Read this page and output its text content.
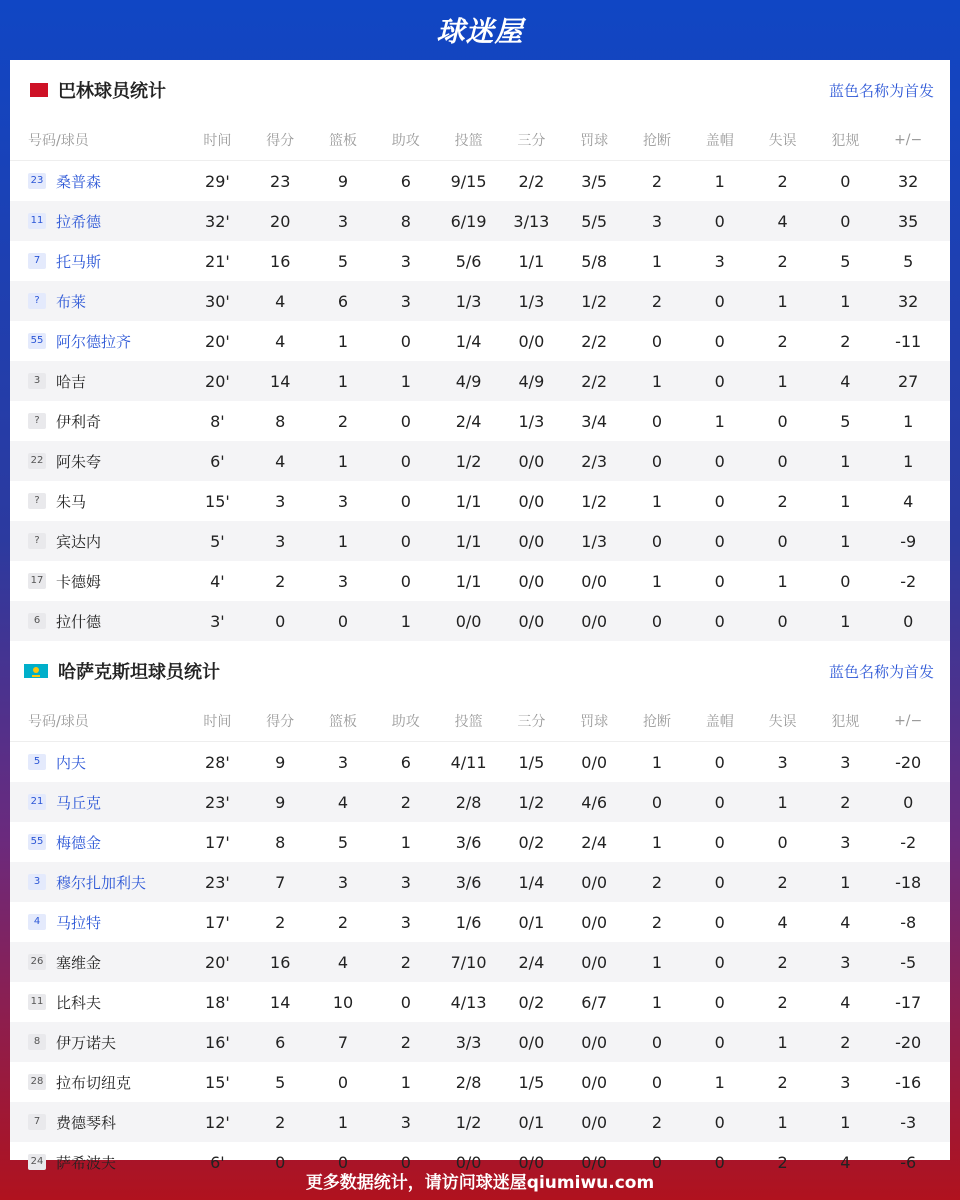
球迷屋
巴林球员统计	蓝色名称为首发
号码/球员	时间	得分	篮板	助攻	投篮	三分	罚球	抢断	盖帽	失误	犯规	+/−
23 桑普森	29'	23	9	6	9/15	2/2	3/5	2	1	2	0	32
11 拉希德	32'	20	3	8	6/19	3/13	5/5	3	0	4	0	35
7	托马斯	21'	16	5	3	5/6	1/1	5/8	1	3	2	5	5
?	布莱	30'	4	6	3	1/3	1/3	1/2	2	0	1	1	32
55 阿尔德拉齐	20'	4	1	0	1/4	0/0	2/2	0	0	2	2	-11
3	哈吉	20'	14	1	1	4/9	4/9	2/2	1	0	1	4	27
?	伊利奇	8'	8	2	0	2/4	1/3	3/4	0	1	0	5	1
22 阿朱夸	6'	4	1	0	1/2	0/0	2/3	0	0	0	1	1
?	朱马	15'	3	3	0	1/1	0/0	1/2	1	0	2	1	4
?	宾达内	5'	3	1	0	1/1	0/0	1/3	0	0	0	1	-9
17 卡德姆	4'	2	3	0	1/1	0/0	0/0	1	0	1	0	-2
6	拉什德	3'	0	0	1	0/0	0/0	0/0	0	0	0	1	0
哈萨克斯坦球员统计	蓝色名称为首发
号码/球员	时间	得分	篮板	助攻	投篮	三分	罚球	抢断	盖帽	失误	犯规	+/−
5	内夫	28'	9	3	6	4/11	1/5	0/0	1	0	3	3	-20
21 马丘克	23'	9	4	2	2/8	1/2	4/6	0	0	1	2	0
55 梅德金	17'	8	5	1	3/6	0/2	2/4	1	0	0	3	-2
3	穆尔扎加利夫	23'	7	3	3	3/6	1/4	0/0	2	0	2	1	-18
4	马拉特	17'	2	2	3	1/6	0/1	0/0	2	0	4	4	-8
26 塞维金	20'	16	4	2	7/10	2/4	0/0	1	0	2	3	-5
11 比科夫	18'	14	10	0	4/13	0/2	6/7	1	0	2	4	-17
8	伊万诺夫	16'	6	7	2	3/3	0/0	0/0	0	0	1	2	-20
28 拉布切纽克	15'	5	0	1	2/8	1/5	0/0	0	1	2	3	-16
7	费德琴科	12'	2	1	3	1/2	0/1	0/0	2	0	1	1	-3
24 萨希波夫	6'	0	0	0	0/0	0/0	0/0	0	0	2	4	-6
更多数据统计，请访问球迷屋qiumiwu.com
